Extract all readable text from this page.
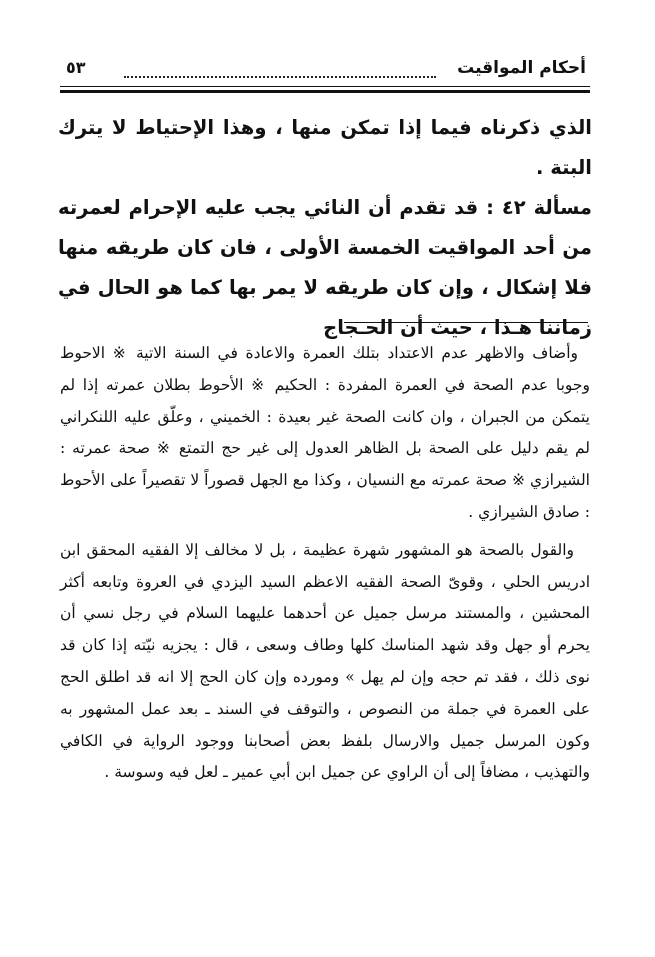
أحكام المواقيت
٥٣

الذي ذكرناه فيما إذا تمكن منها ، وهذا الإحتياط لا يترك البتة .

مسألة ٤٢ : قد تقدم أن النائي يجب عليه الإحرام لعمرته من أحد المواقيت الخمسة الأولى ، فان كان طريقه منها فلا إشكال ، وإن كان طريقه لا يمر بها كما هو الحال في زماننا هـذا ، حيث أن الحـجاج

وأضاف والاظهر عدم الاعتداد بتلك العمرة والاعادة في السنة الاتية ※ الاحوط وجوبا عدم الصحة في العمرة المفردة : الحكيم ※ الأحوط بطلان عمرته إذا لم يتمكن من الجبران ، وان كانت الصحة غير بعيدة : الخميني ، وعلّق عليه اللنكراني لم يقم دليل على الصحة بل الظاهر العدول إلى غير حج التمتع ※ صحة عمرته : الشيرازي ※ صحة عمرته مع النسيان ، وكذا مع الجهل قصوراً لا تقصيراً على الأحوط : صادق الشيرازي .

والقول بالصحة هو المشهور شهرة عظيمة ، بل لا مخالف إلا الفقيه المحقق ابن ادريس الحلي ، وقوىّ الصحة الفقيه الاعظم السيد اليزدي في العروة وتابعه أكثر المحشين ، والمستند مرسل جميل عن أحدهما عليهما السلام في رجل نسي أن يحرم أو جهل وقد شهد المناسك كلها وطاف وسعى ، قال : يجزيه نيّته إذا كان قد نوى ذلك ، فقد تم حجه وإن لم يهل » ومورده وإن كان الحج إلا انه قد اطلق الحج على العمرة في جملة من النصوص ، والتوقف في السند ـ بعد عمل المشهور به وكون المرسل جميل والارسال بلفظ بعض أصحابنا ووجود الرواية في الكافي والتهذيب ، مضافاً إلى أن الراوي عن جميل ابن أبي عمير ـ لعل فيه وسوسة .
